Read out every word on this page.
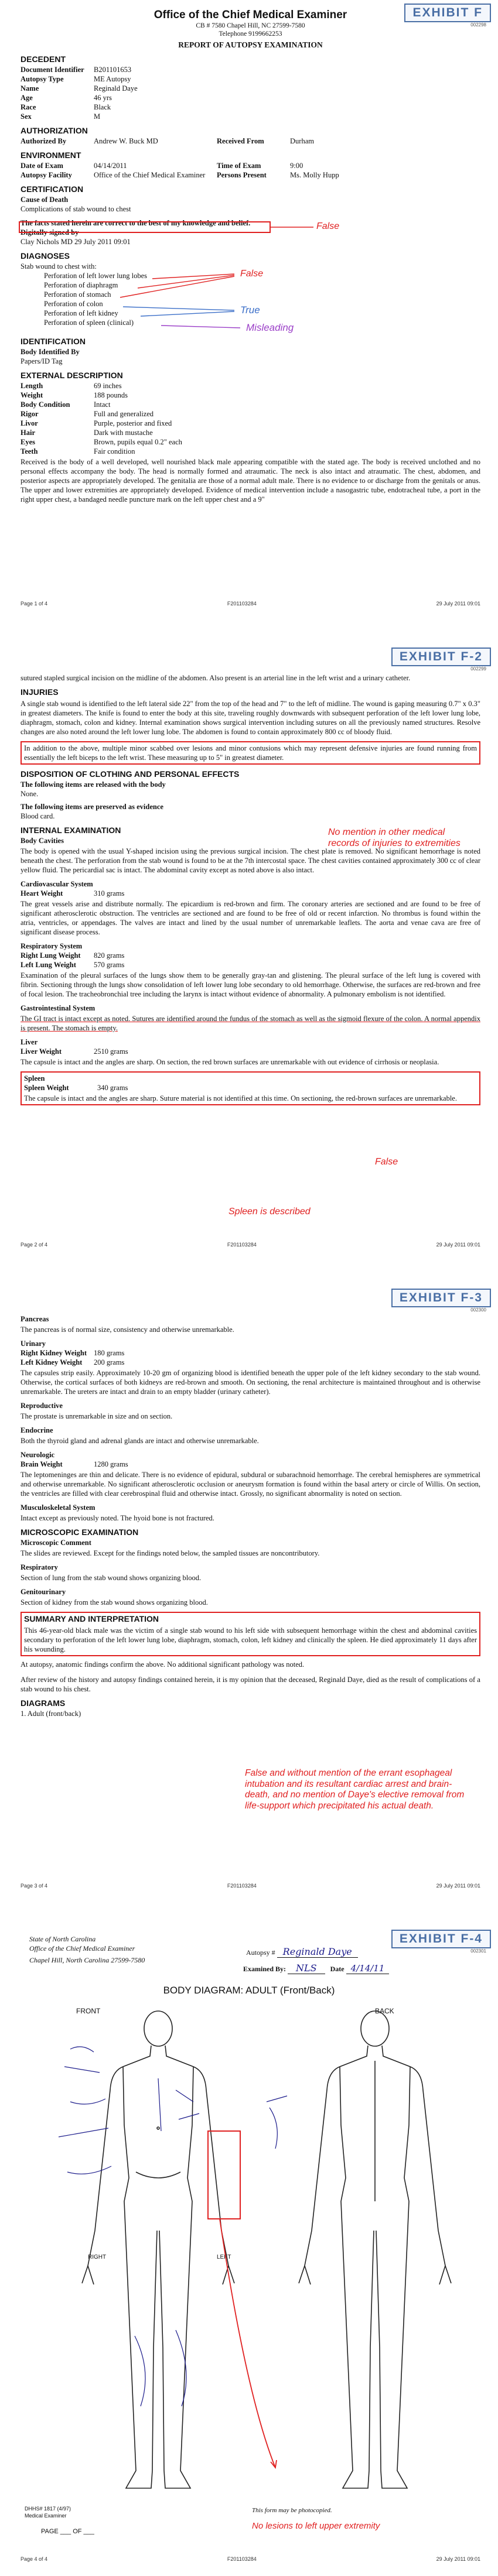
EXHIBIT F
002298
Office of the Chief Medical Examiner
CB # 7580 Chapel Hill, NC 27599-7580
Telephone 9199662253
REPORT OF AUTOPSY EXAMINATION
DECEDENT
Document Identifier	B201101653
Autopsy Type	ME Autopsy
Name	Reginald Daye
Age	46 yrs
Race	Black
Sex	M
AUTHORIZATION
Authorized By	Andrew W. Buck MD	Received From	Durham
ENVIRONMENT
Date of Exam	04/14/2011	Time of Exam	9:00
Autopsy Facility	Office of the Chief Medical Examiner	Persons Present	Ms. Molly Hupp
CERTIFICATION
Cause of Death
Complications of stab wound to chest
The facts stated herein are correct to the best of my knowledge and belief.
Digitally signed by
Clay Nichols MD 29 July 2011 09:01
DIAGNOSES
Stab wound to chest with:
Perforation of left lower lung lobes
Perforation of diaphragm
Perforation of stomach
Perforation of colon
Perforation of left kidney
Perforation of spleen (clinical)
IDENTIFICATION
Body Identified By
Papers/ID Tag
EXTERNAL DESCRIPTION
Length	69 inches
Weight	188 pounds
Body Condition	Intact
Rigor	Full and generalized
Livor	Purple, posterior and fixed
Hair	Dark with mustache
Eyes	Brown, pupils equal 0.2" each
Teeth	Fair condition
Received is the body of a well developed, well nourished black male appearing compatible with the stated age. The body is received unclothed and no personal effects accompany the body. The head is normally formed and atraumatic. The neck is also intact and atraumatic. The chest, abdomen, and posterior aspects are appropriately developed. The genitalia are those of a normal adult male. There is no evidence to or discharge from the genitals or anus. The upper and lower extremities are appropriately developed. Evidence of medical intervention include a nasogastric tube, endotracheal tube, a port in the right upper chest, a bandaged needle puncture mark on the left upper chest and a 9"
False
False
True
Misleading
Page 1 of 4	F201103284	29 July 2011 09:01
EXHIBIT F-2
002299
sutured stapled surgical incision on the midline of the abdomen. Also present is an arterial line in the left wrist and a urinary catheter.
INJURIES
A single stab wound is identified to the left lateral side 22" from the top of the head and 7" to the left of midline. The wound is gaping measuring 0.7" x 0.3" in greatest diameters. The knife is found to enter the body at this site, traveling roughly downwards with subsequent perforation of the left lower lung lobe, diaphragm, stomach, colon and kidney. Internal examination shows surgical intervention including sutures on all the previously named structures. Resolve changes are also noted around the left lower lung lobe. The abdomen is found to contain approximately 800 cc of bloody fluid.
In addition to the above, multiple minor scabbed over lesions and minor contusions which may represent defensive injuries are found running from essentially the left biceps to the left wrist. These measuring up to 5" in greatest diameter.
DISPOSITION OF CLOTHING AND PERSONAL EFFECTS
The following items are released with the body
None.
The following items are preserved as evidence
Blood card.
INTERNAL EXAMINATION
Body Cavities
The body is opened with the usual Y-shaped incision using the previous surgical incision. The chest plate is removed. No significant hemorrhage is noted beneath the chest. The perforation from the stab wound is found to be at the 7th intercostal space. The chest cavities contained approximately 300 cc of clear yellow fluid. The pericardial sac is intact. The abdominal cavity except as noted above is also intact.
Cardiovascular System
Heart Weight	310 grams
The great vessels arise and distribute normally. The epicardium is red-brown and firm. The coronary arteries are sectioned and are found to be free of significant atherosclerotic obstruction. The ventricles are sectioned and are found to be free of old or recent infarction. No thrombus is found within the atria, ventricles, or appendages. The valves are intact and lined by the usual number of unremarkable leaflets. The aorta and venae cava are free of significant disease process.
Respiratory System
Right Lung Weight	820 grams
Left Lung Weight	570 grams
Examination of the pleural surfaces of the lungs show them to be generally gray-tan and glistening. The pleural surface of the left lung is covered with fibrin. Sectioning through the lungs show consolidation of left lower lung lobe secondary to old hemorrhage. Otherwise, the surfaces are red-brown and free of focal lesion. The tracheobronchial tree including the larynx is intact without evidence of abnormality. A pulmonary embolism is not identified.
Gastrointestinal System
The GI tract is intact except as noted. Sutures are identified around the fundus of the stomach as well as the sigmoid flexure of the colon. A normal appendix is present. The stomach is empty.
Liver
Liver Weight	2510 grams
The capsule is intact and the angles are sharp. On section, the red brown surfaces are unremarkable with out evidence of cirrhosis or neoplasia.
Spleen
Spleen Weight	340 grams
The capsule is intact and the angles are sharp. Suture material is not identified at this time. On sectioning, the red-brown surfaces are unremarkable.
No mention in other medical records of injuries to extremities
False
Spleen is described
Page 2 of 4	F201103284	29 July 2011 09:01
EXHIBIT F-3
002300
Pancreas
The pancreas is of normal size, consistency and otherwise unremarkable.
Urinary
Right Kidney Weight 180 grams
Left Kidney Weight	200 grams
The capsules strip easily. Approximately 10-20 gm of organizing blood is identified beneath the upper pole of the left kidney secondary to the stab wound. Otherwise, the cortical surfaces of both kidneys are red-brown and smooth. On sectioning, the renal architecture is maintained throughout and is otherwise unremarkable. The ureters are intact and drain to an empty bladder (urinary catheter).
Reproductive
The prostate is unremarkable in size and on section.
Endocrine
Both the thyroid gland and adrenal glands are intact and otherwise unremarkable.
Neurologic
Brain Weight	1280 grams
The leptomeninges are thin and delicate. There is no evidence of epidural, subdural or subarachnoid hemorrhage. The cerebral hemispheres are symmetrical and otherwise unremarkable. No significant atherosclerotic occlusion or aneurysm formation is found within the basal artery or circle of Willis. On section, the ventricles are filled with clear cerebrospinal fluid and otherwise intact. Grossly, no significant abnormality is noted on section.
Musculoskeletal System
Intact except as previously noted. The hyoid bone is not fractured.
MICROSCOPIC EXAMINATION
Microscopic Comment
The slides are reviewed. Except for the findings noted below, the sampled tissues are noncontributory.
Respiratory
Section of lung from the stab wound shows organizing blood.
Genitourinary
Section of kidney from the stab wound shows organizing blood.
SUMMARY AND INTERPRETATION
This 46-year-old black male was the victim of a single stab wound to his left side with subsequent hemorrhage within the chest and abdominal cavities secondary to perforation of the left lower lung lobe, diaphragm, stomach, colon, left kidney and clinically the spleen. He died approximately 11 days after his wounding.
At autopsy, anatomic findings confirm the above. No additional significant pathology was noted.
After review of the history and autopsy findings contained herein, it is my opinion that the deceased, Reginald Daye, died as the result of complications of a stab wound to his chest.
DIAGRAMS
1. Adult (front/back)
False and without mention of the errant esophageal intubation and its resultant cardiac arrest and brain-death, and no mention of Daye's elective removal from life-support which precipitated his actual death.
Page 3 of 4	F201103284	29 July 2011 09:01
EXHIBIT F-4
002301
State of North Carolina
Office of the Chief Medical Examiner
Chapel Hill, North Carolina 27599-7580
Autopsy # Reginald Daye
Examined By: NLS Date 4/14/11
BODY DIAGRAM: ADULT (Front/Back)
FRONT	BACK
RIGHT	LEFT
DHHS# 1817 (4/97)
Medical Examiner
PAGE ___ OF ___
This form may be photocopied.
No lesions to left upper extremity
Page 4 of 4	F201103284	29 July 2011 09:01
